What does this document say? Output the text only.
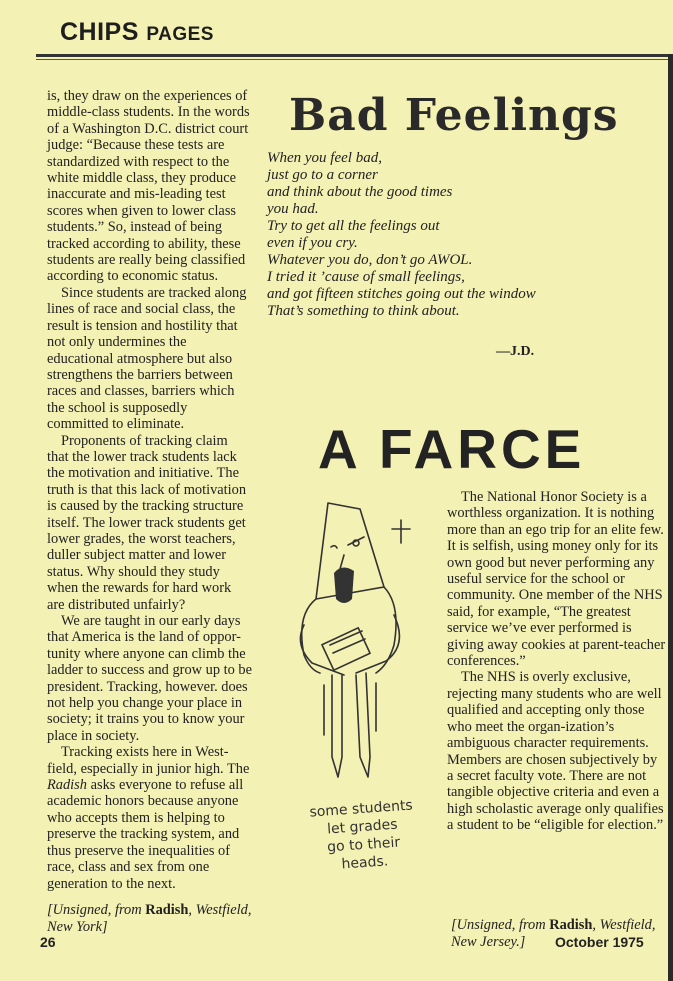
CHIPS PAGES

is, they draw on the experiences of middle-class students. In the words of a Washington D.C. district court judge: “Because these tests are standardized with respect to the white middle class, they produce inaccurate and mis-leading test scores when given to lower class students.” So, instead of being tracked according to ability, these students are really being classified according to economic status.

Since students are tracked along lines of race and social class, the result is tension and hostility that not only undermines the educational atmosphere but also strengthens the barriers between races and classes, barriers which the school is supposedly committed to eliminate.

Proponents of tracking claim that the lower track students lack the motivation and initiative. The truth is that this lack of motivation is caused by the tracking structure itself. The lower track students get lower grades, the worst teachers, duller subject matter and lower status. Why should they study when the rewards for hard work are distributed unfairly?

We are taught in our early days that America is the land of oppor-tunity where anyone can climb the ladder to success and grow up to be president. Tracking, however. does not help you change your place in society; it trains you to know your place in society.

Tracking exists here in West-field, especially in junior high. The Radish asks everyone to refuse all academic honors because anyone who accepts them is helping to preserve the tracking system, and thus preserve the inequalities of race, class and sex from one generation to the next.

[Unsigned, from Radish, Westfield, New York]
Bad Feelings
When you feel bad,
just go to a corner
and think about the good times
you had.
Try to get all the feelings out
even if you cry.
Whatever you do, don’t go AWOL.
I tried it ’cause of small feelings,
and got fifteen stitches going out the window
That’s something to think about.
—J.D.
A FARCE
some students
let grades
go to their
heads.

The National Honor Society is a worthless organization. It is nothing more than an ego trip for an elite few. It is selfish, using money only for its own good but never performing any useful service for the school or community. One member of the NHS said, for example, “The greatest service we’ve ever performed is giving away cookies at parent-teacher conferences.”

The NHS is overly exclusive, rejecting many students who are well qualified and accepting only those who meet the organ-ization’s ambiguous character requirements. Members are chosen subjectively by a secret faculty vote. There are not tangible objective criteria and even a high scholastic average only qualifies a student to be “eligible for election.”

[Unsigned, from Radish, Westfield, New Jersey.]
26	October 1975
